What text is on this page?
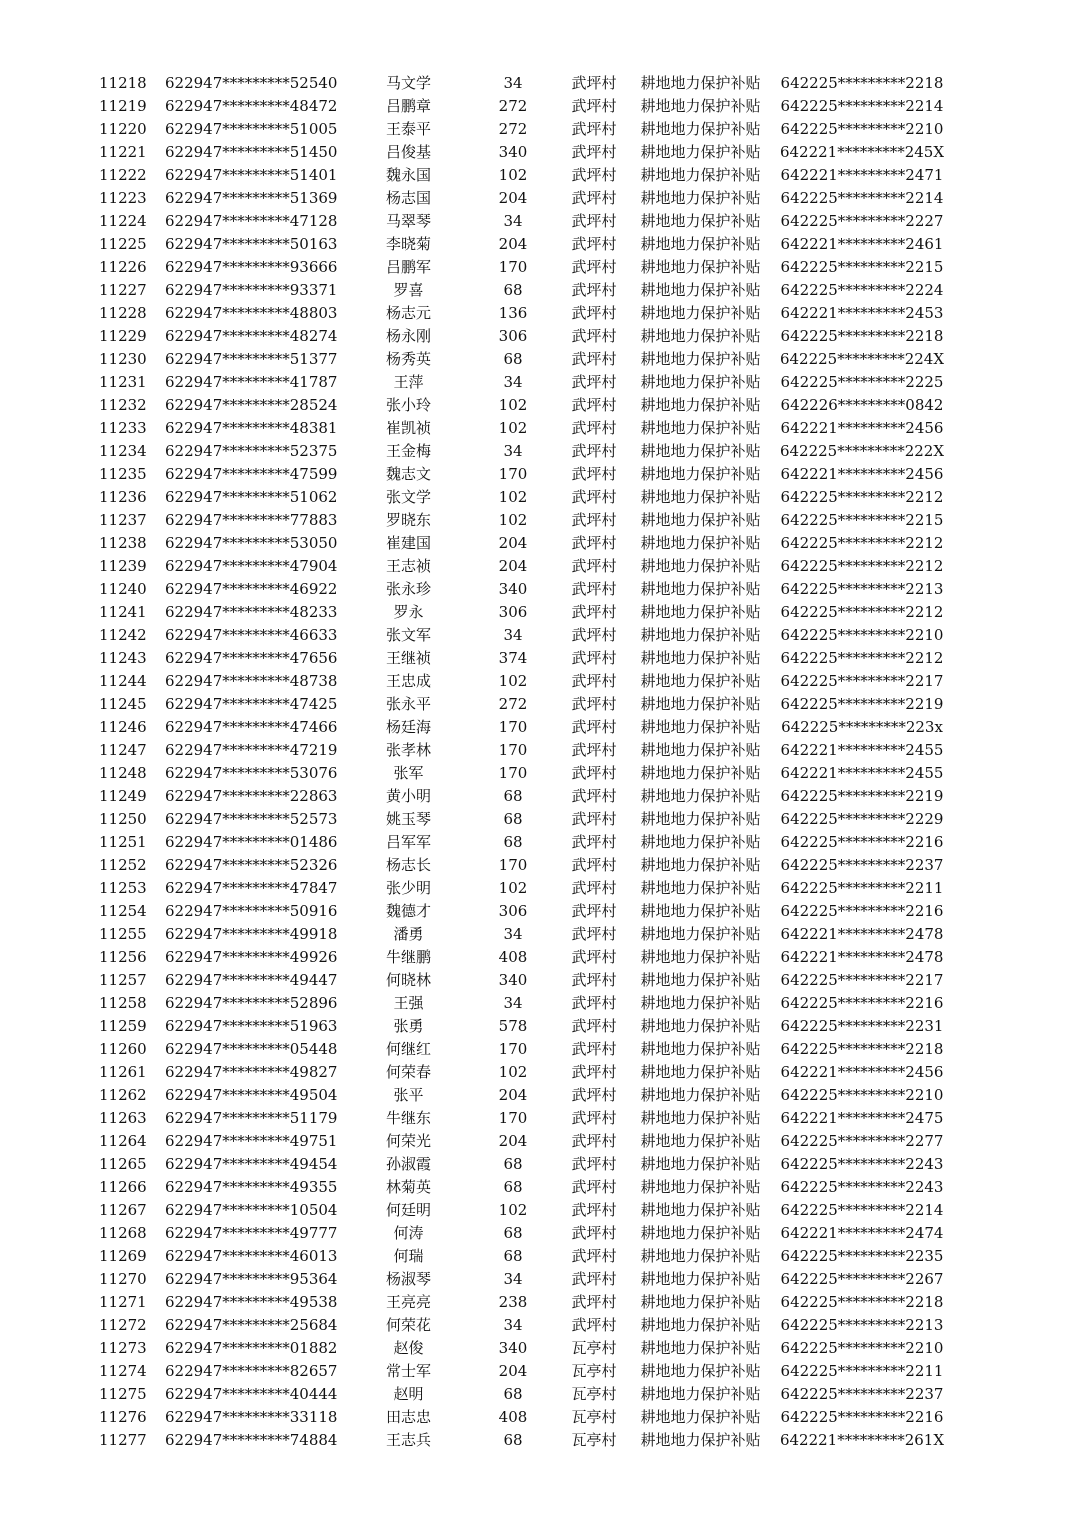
11218	622947*********52540	马文学	34	武坪村	耕地地力保护补贴	642225*********2218
11219	622947*********48472	吕鹏章	272	武坪村	耕地地力保护补贴	642225*********2214
11220	622947*********51005	王泰平	272	武坪村	耕地地力保护补贴	642225*********2210
11221	622947*********51450	吕俊基	340	武坪村	耕地地力保护补贴	642221*********245X
11222	622947*********51401	魏永国	102	武坪村	耕地地力保护补贴	642221*********2471
11223	622947*********51369	杨志国	204	武坪村	耕地地力保护补贴	642225*********2214
11224	622947*********47128	马翠琴	34	武坪村	耕地地力保护补贴	642225*********2227
11225	622947*********50163	李晓菊	204	武坪村	耕地地力保护补贴	642221*********2461
11226	622947*********93666	吕鹏军	170	武坪村	耕地地力保护补贴	642225*********2215
11227	622947*********93371	罗喜	68	武坪村	耕地地力保护补贴	642225*********2224
11228	622947*********48803	杨志元	136	武坪村	耕地地力保护补贴	642221*********2453
11229	622947*********48274	杨永刚	306	武坪村	耕地地力保护补贴	642225*********2218
11230	622947*********51377	杨秀英	68	武坪村	耕地地力保护补贴	642225*********224X
11231	622947*********41787	王萍	34	武坪村	耕地地力保护补贴	642225*********2225
11232	622947*********28524	张小玲	102	武坪村	耕地地力保护补贴	642226*********0842
11233	622947*********48381	崔凯祯	102	武坪村	耕地地力保护补贴	642221*********2456
11234	622947*********52375	王金梅	34	武坪村	耕地地力保护补贴	642225*********222X
11235	622947*********47599	魏志文	170	武坪村	耕地地力保护补贴	642221*********2456
11236	622947*********51062	张文学	102	武坪村	耕地地力保护补贴	642225*********2212
11237	622947*********77883	罗晓东	102	武坪村	耕地地力保护补贴	642225*********2215
11238	622947*********53050	崔建国	204	武坪村	耕地地力保护补贴	642225*********2212
11239	622947*********47904	王志祯	204	武坪村	耕地地力保护补贴	642225*********2212
11240	622947*********46922	张永珍	340	武坪村	耕地地力保护补贴	642225*********2213
11241	622947*********48233	罗永	306	武坪村	耕地地力保护补贴	642225*********2212
11242	622947*********46633	张文军	34	武坪村	耕地地力保护补贴	642225*********2210
11243	622947*********47656	王继祯	374	武坪村	耕地地力保护补贴	642225*********2212
11244	622947*********48738	王忠成	102	武坪村	耕地地力保护补贴	642225*********2217
11245	622947*********47425	张永平	272	武坪村	耕地地力保护补贴	642225*********2219
11246	622947*********47466	杨廷海	170	武坪村	耕地地力保护补贴	642225*********223x
11247	622947*********47219	张孝林	170	武坪村	耕地地力保护补贴	642221*********2455
11248	622947*********53076	张军	170	武坪村	耕地地力保护补贴	642221*********2455
11249	622947*********22863	黄小明	68	武坪村	耕地地力保护补贴	642225*********2219
11250	622947*********52573	姚玉琴	68	武坪村	耕地地力保护补贴	642225*********2229
11251	622947*********01486	吕军军	68	武坪村	耕地地力保护补贴	642225*********2216
11252	622947*********52326	杨志长	170	武坪村	耕地地力保护补贴	642225*********2237
11253	622947*********47847	张少明	102	武坪村	耕地地力保护补贴	642225*********2211
11254	622947*********50916	魏德才	306	武坪村	耕地地力保护补贴	642225*********2216
11255	622947*********49918	潘勇	34	武坪村	耕地地力保护补贴	642221*********2478
11256	622947*********49926	牛继鹏	408	武坪村	耕地地力保护补贴	642221*********2478
11257	622947*********49447	何晓林	340	武坪村	耕地地力保护补贴	642225*********2217
11258	622947*********52896	王强	34	武坪村	耕地地力保护补贴	642225*********2216
11259	622947*********51963	张勇	578	武坪村	耕地地力保护补贴	642225*********2231
11260	622947*********05448	何继红	170	武坪村	耕地地力保护补贴	642225*********2218
11261	622947*********49827	何荣春	102	武坪村	耕地地力保护补贴	642221*********2456
11262	622947*********49504	张平	204	武坪村	耕地地力保护补贴	642225*********2210
11263	622947*********51179	牛继东	170	武坪村	耕地地力保护补贴	642221*********2475
11264	622947*********49751	何荣光	204	武坪村	耕地地力保护补贴	642225*********2277
11265	622947*********49454	孙淑霞	68	武坪村	耕地地力保护补贴	642225*********2243
11266	622947*********49355	林菊英	68	武坪村	耕地地力保护补贴	642225*********2243
11267	622947*********10504	何廷明	102	武坪村	耕地地力保护补贴	642225*********2214
11268	622947*********49777	何涛	68	武坪村	耕地地力保护补贴	642221*********2474
11269	622947*********46013	何瑞	68	武坪村	耕地地力保护补贴	642225*********2235
11270	622947*********95364	杨淑琴	34	武坪村	耕地地力保护补贴	642225*********2267
11271	622947*********49538	王亮亮	238	武坪村	耕地地力保护补贴	642225*********2218
11272	622947*********25684	何荣花	34	武坪村	耕地地力保护补贴	642225*********2213
11273	622947*********01882	赵俊	340	瓦亭村	耕地地力保护补贴	642225*********2210
11274	622947*********82657	常士军	204	瓦亭村	耕地地力保护补贴	642225*********2211
11275	622947*********40444	赵明	68	瓦亭村	耕地地力保护补贴	642225*********2237
11276	622947*********33118	田志忠	408	瓦亭村	耕地地力保护补贴	642225*********2216
11277	622947*********74884	王志兵	68	瓦亭村	耕地地力保护补贴	642221*********261X
